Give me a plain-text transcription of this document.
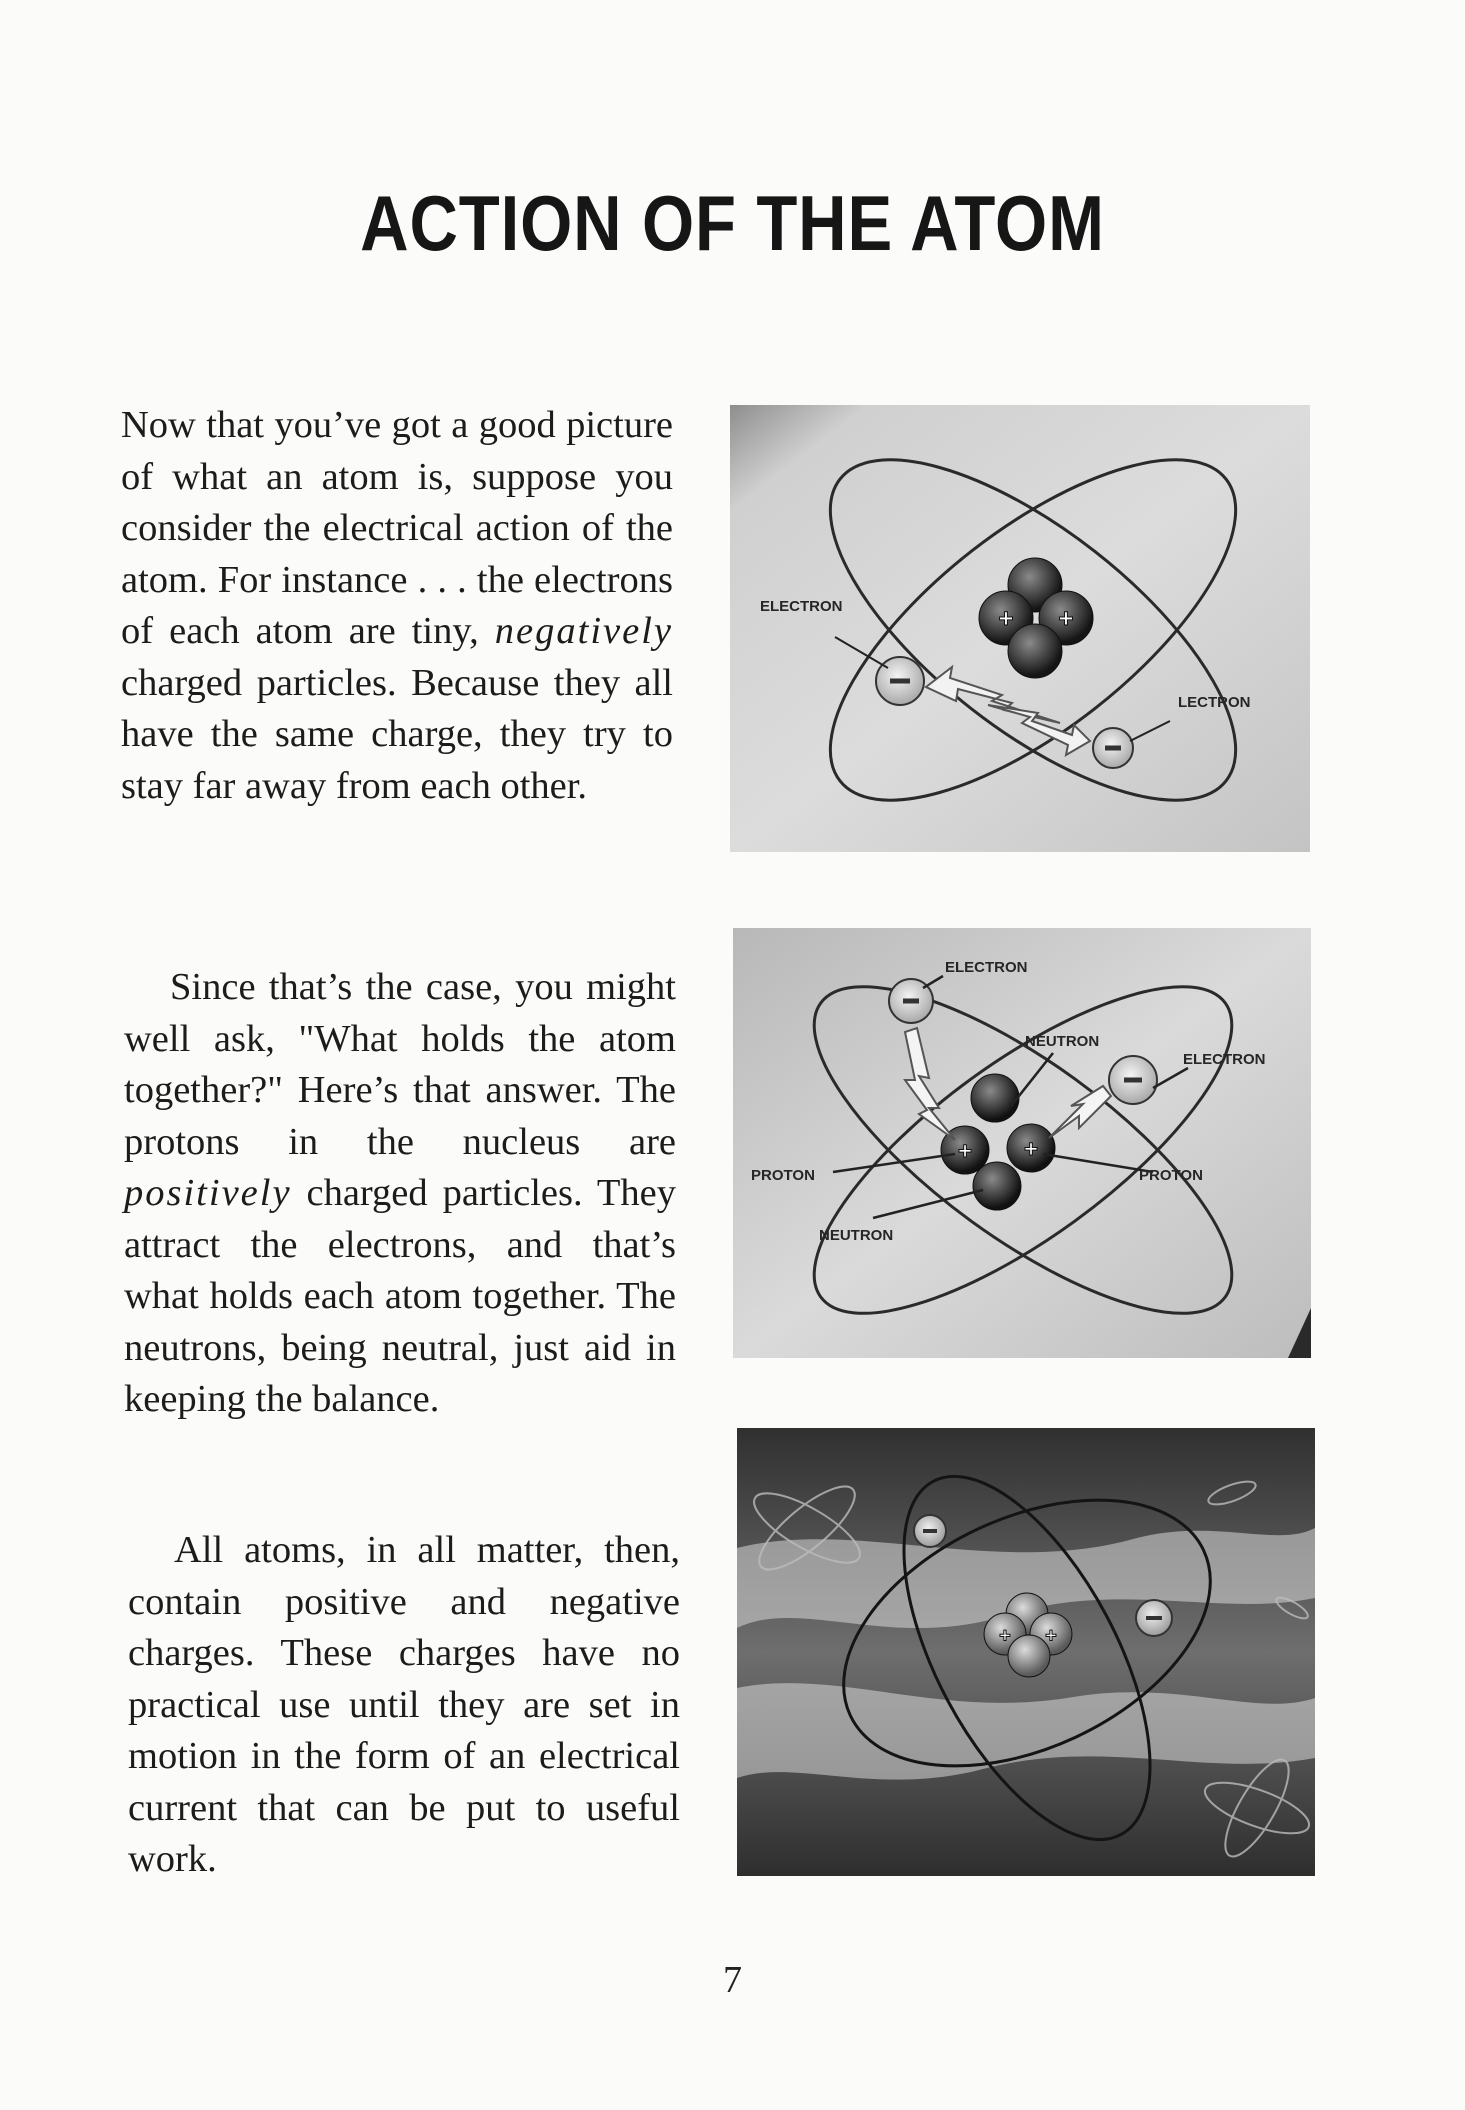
ACTION OF THE ATOM

Now that you’ve got a good picture of what an atom is, suppose you consider the electrical action of the atom. For instance . . . the electrons of each atom are tiny, negatively charged particles. Because they all have the same charge, they try to stay far away from each other.

Since that’s the case, you might well ask, "What holds the atom together?" Here’s that answer. The protons in the nucleus are positively charged particles. They attract the electrons, and that’s what holds each atom together. The neutrons, being neutral, just aid in keeping the balance.

All atoms, in all matter, then, contain positive and negative charges. These charges have no practical use until they are set in motion in the form of an electrical current that can be put to useful work.

+ +
ELECTRON
LECTRON
+ +
ELECTRON
NEUTRON
ELECTRON
PROTON	PROTON
NEUTRON
+ +
7
